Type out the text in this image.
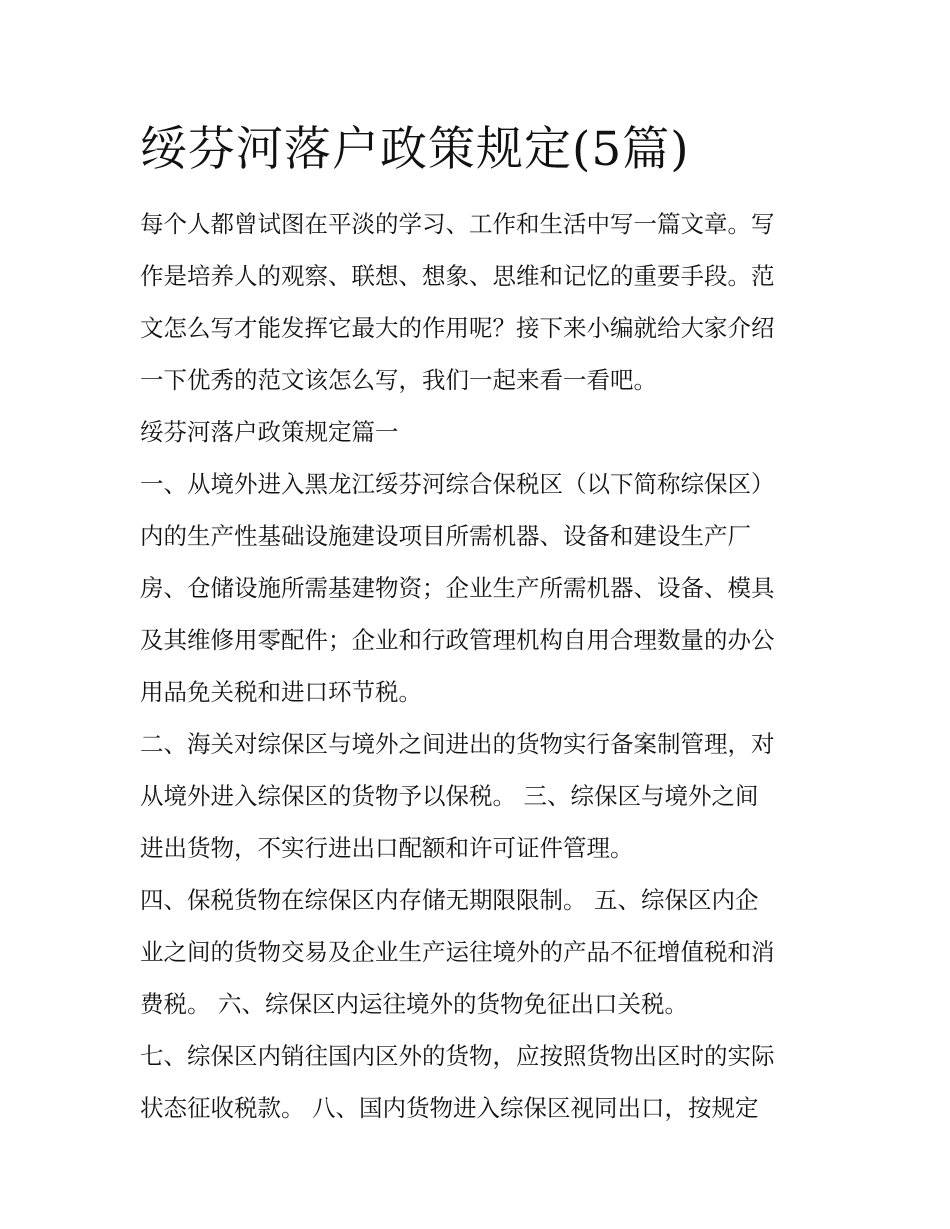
绥芬河落户政策规定(5篇)
每个人都曾试图在平淡的学习、工作和生活中写一篇文章。写
作是培养人的观察、联想、想象、思维和记忆的重要手段。范
文怎么写才能发挥它最大的作用呢？接下来小编就给大家介绍
一下优秀的范文该怎么写，我们一起来看一看吧。
绥芬河落户政策规定篇一
一、从境外进入黑龙江绥芬河综合保税区（以下简称综保区）
内的生产性基础设施建设项目所需机器、设备和建设生产厂
房、仓储设施所需基建物资；企业生产所需机器、设备、模具
及其维修用零配件；企业和行政管理机构自用合理数量的办公
用品免关税和进口环节税。
二、海关对综保区与境外之间进出的货物实行备案制管理，对
从境外进入综保区的货物予以保税。 三、综保区与境外之间
进出货物，不实行进出口配额和许可证件管理。
四、保税货物在综保区内存储无期限限制。 五、综保区内企
业之间的货物交易及企业生产运往境外的产品不征增值税和消
费税。 六、综保区内运往境外的货物免征出口关税。
七、综保区内销往国内区外的货物，应按照货物出区时的实际
状态征收税款。 八、国内货物进入综保区视同出口，按规定
